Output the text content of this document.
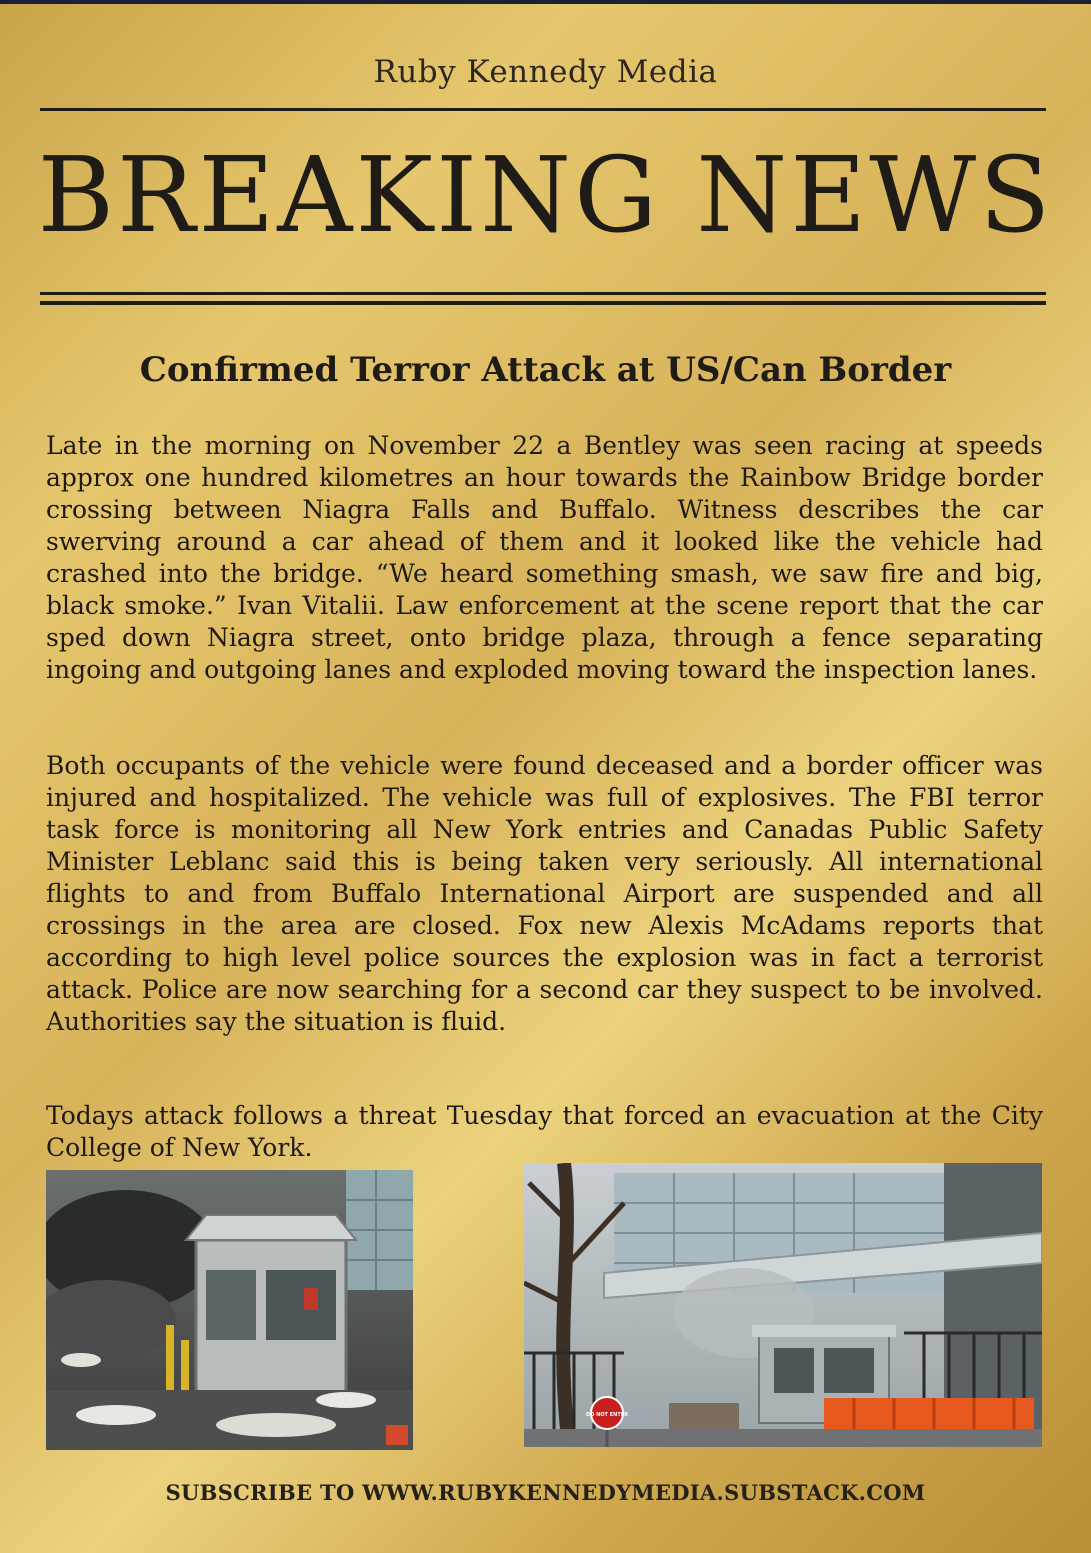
Ruby Kennedy Media
BREAKING NEWS
Confirmed Terror Attack at US/Can Border

Late in the morning on November 22 a Bentley was seen racing at speeds approx one hundred kilometres an hour towards the Rainbow Bridge border crossing between Niagra Falls and Buffalo. Witness describes the car swerving around a car ahead of them and it looked like the vehicle had crashed into the bridge. “We heard something smash, we saw fire and big, black smoke.” Ivan Vitalii. Law enforcement at the scene report that the car sped down Niagra street, onto bridge plaza, through a fence separating ingoing and outgoing lanes and exploded moving toward the inspection lanes.

Both occupants of the vehicle were found deceased and a border officer was injured and hospitalized. The vehicle was full of explosives. The FBI terror task force is monitoring all New York entries and Canadas Public Safety Minister Leblanc said this is being taken very seriously. All international flights to and from Buffalo International Airport are suspended and all crossings in the area are closed. Fox new Alexis McAdams reports that according to high level police sources the explosion was in fact a terrorist attack. Police are now searching for a second car they suspect to be involved. Authorities say the situation is fluid.

Todays attack follows a threat Tuesday that forced an evacuation at the City College of New York.

DO NOT ENTER
SUBSCRIBE TO WWW.RUBYKENNEDYMEDIA.SUBSTACK.COM
